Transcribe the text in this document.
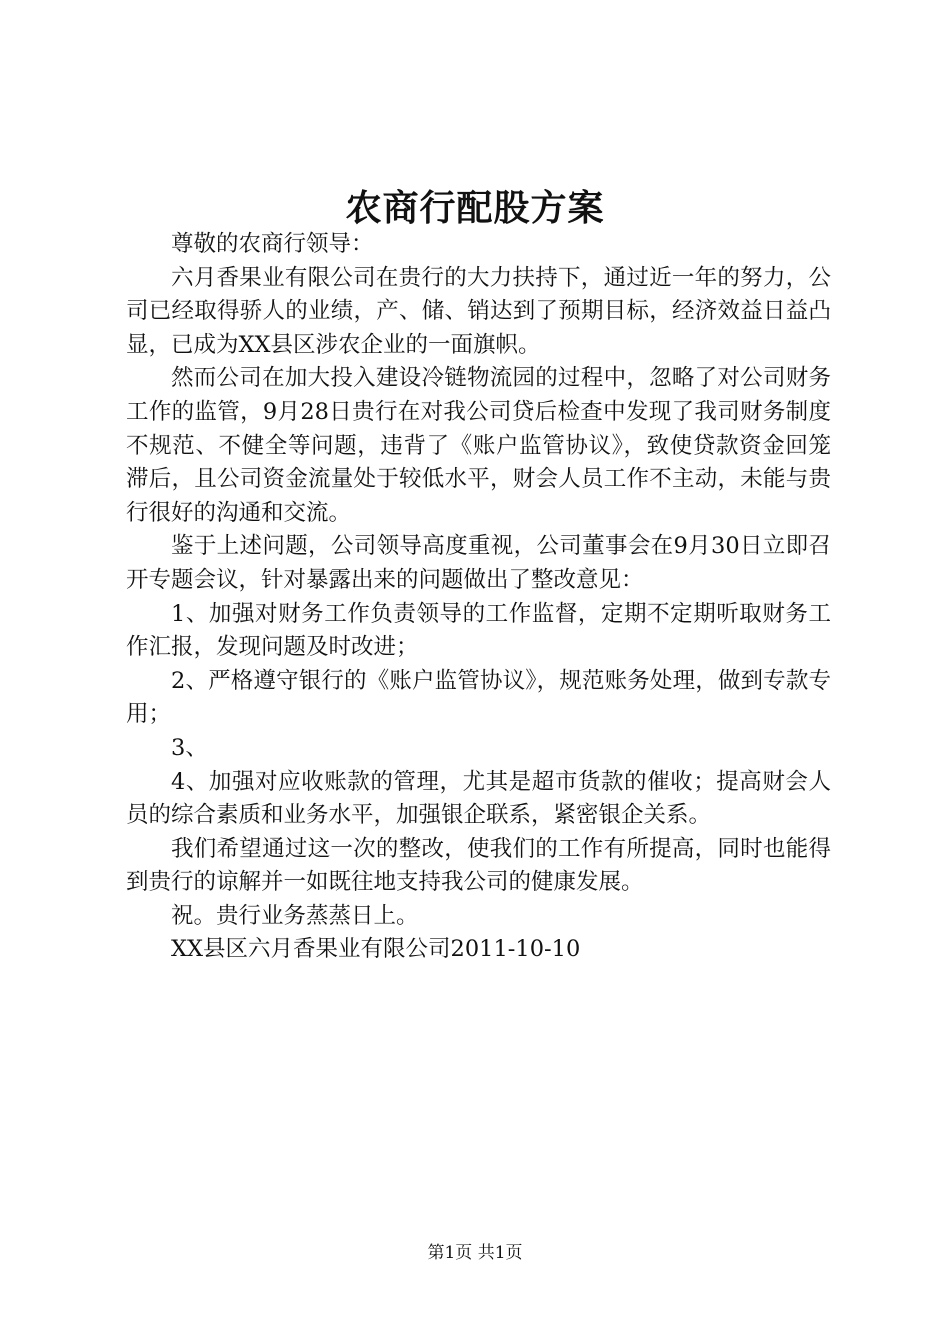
农商行配股方案

尊敬的农商行领导：

六月香果业有限公司在贵行的大力扶持下，通过近一年的努力，公司已经取得骄人的业绩，产、储、销达到了预期目标，经济效益日益凸显，已成为XX县区涉农企业的一面旗帜。

然而公司在加大投入建设冷链物流园的过程中，忽略了对公司财务工作的监管，9月28日贵行在对我公司贷后检查中发现了我司财务制度不规范、不健全等问题，违背了《账户监管协议》，致使贷款资金回笼滞后，且公司资金流量处于较低水平，财会人员工作不主动，未能与贵行很好的沟通和交流。

鉴于上述问题，公司领导高度重视，公司董事会在9月30日立即召开专题会议，针对暴露出来的问题做出了整改意见：

1、加强对财务工作负责领导的工作监督，定期不定期听取财务工作汇报，发现问题及时改进；

2、严格遵守银行的《账户监管协议》，规范账务处理，做到专款专用；

3、

4、加强对应收账款的管理，尤其是超市货款的催收；提高财会人员的综合素质和业务水平，加强银企联系，紧密银企关系。

我们希望通过这一次的整改，使我们的工作有所提高，同时也能得到贵行的谅解并一如既往地支持我公司的健康发展。

祝。贵行业务蒸蒸日上。

XX县区六月香果业有限公司2011-10-10

第1页 共1页
